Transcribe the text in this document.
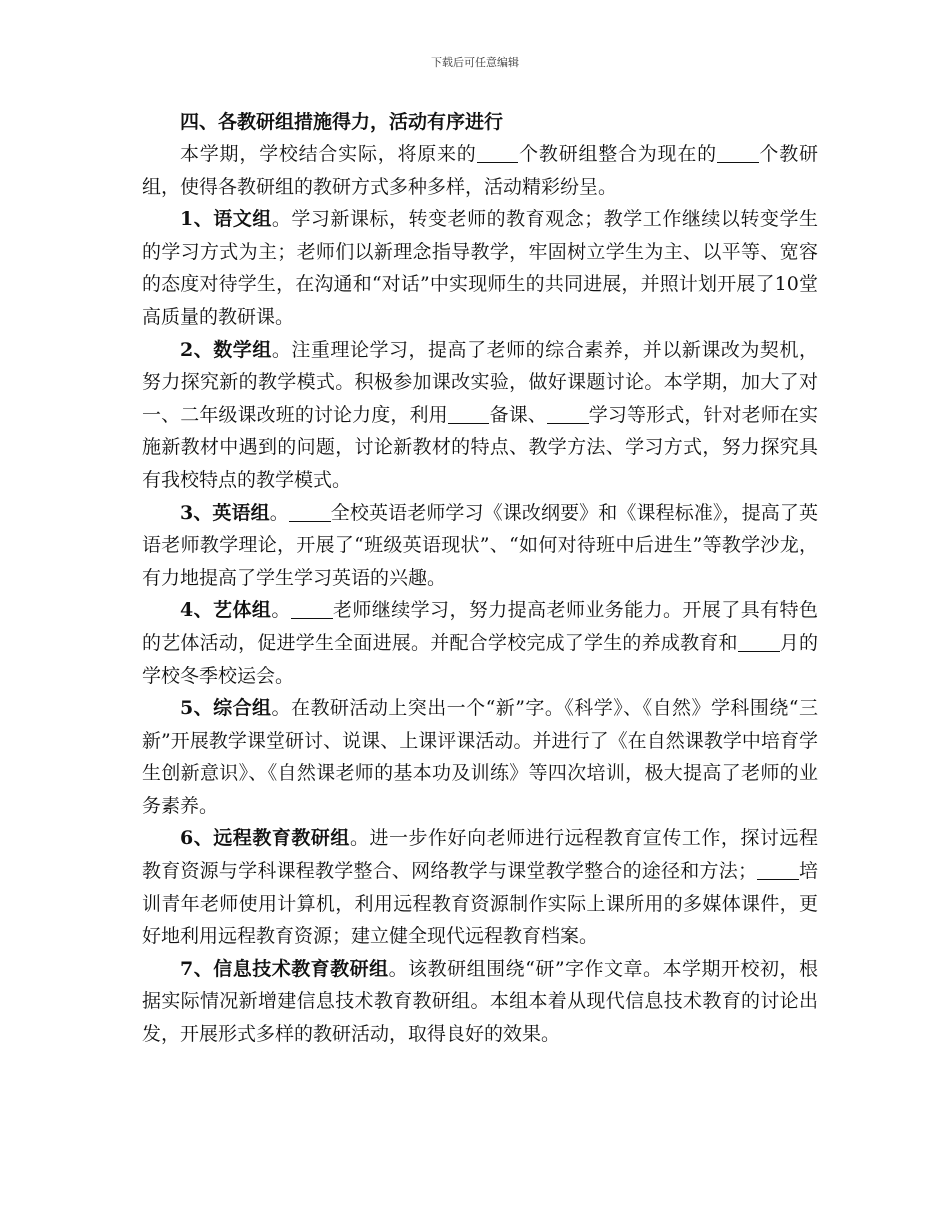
下载后可任意编辑

四、各教研组措施得力，活动有序进行

本学期，学校结合实际，将原来的 个教研组整合为现在的 个教研组，使得各教研组的教研方式多种多样，活动精彩纷呈。

1、语文组。学习新课标，转变老师的教育观念；教学工作继续以转变学生的学习方式为主；老师们以新理念指导教学，牢固树立学生为主、以平等、宽容的态度对待学生，在沟通和“对话”中实现师生的共同进展，并照计划开展了10堂高质量的教研课。

2、数学组。注重理论学习，提高了老师的综合素养，并以新课改为契机，努力探究新的教学模式。积极参加课改实验，做好课题讨论。本学期，加大了对一、二年级课改班的讨论力度，利用 备课、 学习等形式，针对老师在实施新教材中遇到的问题，讨论新教材的特点、教学方法、学习方式，努力探究具有我校特点的教学模式。

3、英语组。 全校英语老师学习《课改纲要》和《课程标准》，提高了英语老师教学理论，开展了“班级英语现状”、“如何对待班中后进生”等教学沙龙，有力地提高了学生学习英语的兴趣。

4、艺体组。 老师继续学习，努力提高老师业务能力。开展了具有特色的艺体活动，促进学生全面进展。并配合学校完成了学生的养成教育和 月的学校冬季校运会。

5、综合组。在教研活动上突出一个“新”字。《科学》、《自然》学科围绕“三新”开展教学课堂研讨、说课、上课评课活动。并进行了《在自然课教学中培育学生创新意识》、《自然课老师的基本功及训练》等四次培训，极大提高了老师的业务素养。

6、远程教育教研组。进一步作好向老师进行远程教育宣传工作，探讨远程教育资源与学科课程教学整合、网络教学与课堂教学整合的途径和方法； 培训青年老师使用计算机，利用远程教育资源制作实际上课所用的多媒体课件，更好地利用远程教育资源；建立健全现代远程教育档案。

7、信息技术教育教研组。该教研组围绕“研”字作文章。本学期开校初，根据实际情况新增建信息技术教育教研组。本组本着从现代信息技术教育的讨论出发，开展形式多样的教研活动，取得良好的效果。
